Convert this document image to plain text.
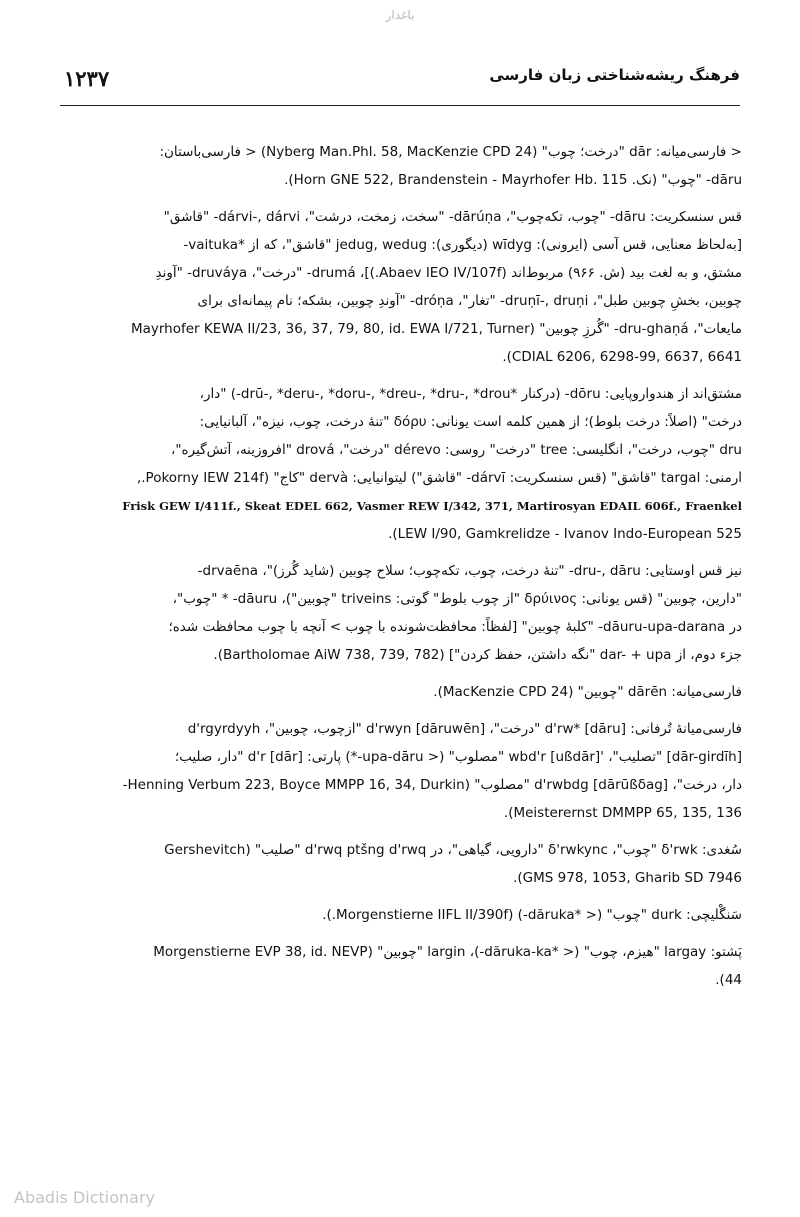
باغدار
۱۲۳۷	فرهنگ ریشه‌شناختی زبان فارسی
< فارسی‌میانه: dār "درخت؛ چوب" (Nyberg Man.Phl. 58, MacKenzie CPD 24) < فارسی‌باستان:
dāru- "چوب" (نک. Horn GNE 522, Brandenstein - Mayrhofer Hb. 115).
قس سنسکریت: dāru- "چوب، تکه‌چوب"، dārúṇa- "سخت، زمخت، درشت"، dárvi-, dárvi- "قاشق"
[به‌لحاظ معنایی، قس آسی (ایرونی): wīdyg (دیگوری): jedug, wedug "قاشق"، که از *vaituka-
مشتق، و به لغت بید (ش. ۹۶۶) مربوط‌اند (Abaev IEO IV/107f.)]، drumá- "درخت"، druváya- "آوندِ
چوبین، بخشِ چوبین طبل"، druṇī-, druṇi- "تغار"، dróṇa- "آوندِ چوبین، بشکه؛ نام پیمانه‌ای برای
مایعات"، dru-ghaṇá- "گُرزِ چوبین" (Mayrhofer KEWA II/23, 36, 37, 79, 80, id. EWA I/721, Turner
CDIAL 6206, 6298-99, 6637, 6641).
مشتق‌اند از هندواروپایی: dōru- (درکنار *drū-, *deru-, *doru-, *dreu-, *dru-, *drou-) "دار،
درخت" (اصلاً: درخت بلوط)؛ از همین کلمه است یونانی: δόρυ "تنهٔ درخت، چوب، نیزه"، آلبانیایی:
dru "چوب، درخت"، انگلیسی: tree "درخت" روسی: dérevo "درخت"، drová "افروزینه، آتش‌گیره"،
ارمنی: targal "قاشق" (قس سنسکریت: dárvī- "قاشق") لیتوانیایی: dervà "کاج" (Pokorny IEW 214f.,
Frisk GEW I/411f., Skeat EDEL 662, Vasmer REW I/342, 371, Martirosyan EDAIL 606f., Fraenkel
LEW I/90, Gamkrelidze - Ivanov Indo-European 525).
نیز قس اوستایی: dru-, dāru- "تنهٔ درخت، چوب، تکه‌چوب؛ سلاح چوبین (شاید گُرز)"، drvaēna-
"دارین، چوبین" (قس یونانی: δρύινος "از چوب بلوط" گوتی: triveins "چوبین")، dāuru- * "چوب"،
در dāuru-upa-darana- "کلبهٔ چوبین" [لفظاً: محافظت‌شونده با چوب > آنچه با چوب محافظت شده؛
جزء دوم، از dar- + upa "نگه داشتن، حفظ کردن"] (Bartholomae AiW 738, 739, 782).
فارسی‌میانه: dārēn "چوبین" (MacKenzie CPD 24).
فارسی‌میانهٔ تُرفانی: d'rw* [dāru] "درخت"، d'rwyn [dāruwēn] "ازچوب، چوبین"، d'rgyrdyyh
[dār-girdīh] "تصلیب"، 'wbd'r [ußdār] "مصلوب" (< upa-dāru-*) پارتی: d'r [dār] "دار، صلیب؛
دار، درخت"، d'rwbdg [dārūßδag] "مصلوب" (Henning Verbum 223, Boyce MMPP 16, 34, Durkin-
Meisterernst DMMPP 65, 135, 136).
سُغدی: δ'rwk "چوب"، δ'rwkync "دارویی، گیاهی"، در d'rwq ptšng d'rwq "صلیب" (Gershevitch
GMS 978, 1053, Gharib SD 7946).
سَنگْلیچی: durk "چوب" (< *dăruka-) (Morgenstierne IIFL II/390f.).
پَشتو: largay "هیزم، چوب" (< *dăruka-ka-)، largin "چوبین" (Morgenstierne EVP 38, id. NEVP
44).
Abadis Dictionary
